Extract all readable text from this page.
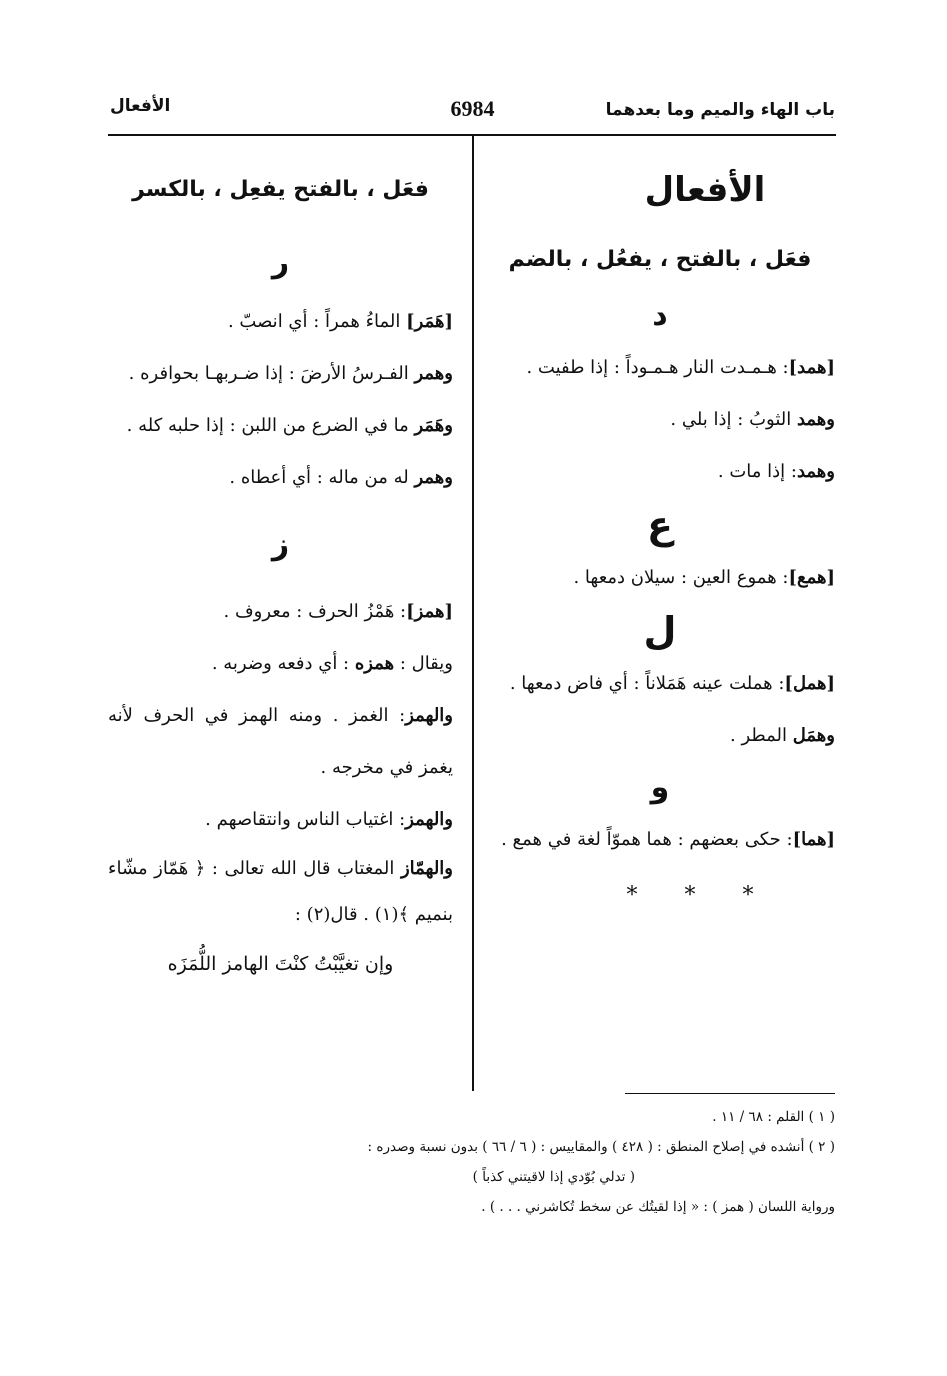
باب الهاء والميم وما بعدهما
6984
الأفعال
الأفعال
فعَل ، بالفتح ، يفعُل ، بالضم
د

[همد]: هـمـدت النار هـمـوداً : إذا طفيت .

وهمد الثوبُ : إذا بلي .

وهمد: إذا مات .

ع

[همع]: هموع العين : سيلان دمعها .

ل

[همل]: هملت عينه هَمَلاناً : أي فاض دمعها .

وهمَل المطر .

و

[هما]: حكى بعضهم : هما هموّاً لغة في همع .

* * *
فعَل ، بالفتح يفعِل ، بالكسر
ر

[هَمَر] الماءُ همراً : أي انصبّ .

وهمر الفـرسُ الأرضَ : إذا ضـربهـا بحوافره .

وهَمَر ما في الضرع من اللبن : إذا حلبه كله .

وهمر له من ماله : أي أعطاه .

ز

[همز]: هَمْزُ الحرف : معروف .

ويقال : همزه : أي دفعه وضربه .

والهمز: الغمز . ومنه الهمز في الحرف لأنه يغمز في مخرجه .

والهمز: اغتياب الناس وانتقاصهم .

والهمّاز المغتاب قال الله تعالى : ﴿ هَمّاز مشّاء بنميم ﴾(١) . قال(٢) :

وإن تغيَّبْتُ كنْتَ الهامز اللُّمَزَه

( ١ ) القلم : ٦٨ / ١١ .

( ٢ ) أنشده في إصلاح المنطق : ( ٤٢٨ ) والمقاييس : ( ٦ / ٦٦ ) بدون نسبة وصدره :

( تدلي بُوّدي إذا لاقيتني كذباً )

ورواية اللسان ( همز ) : « إذا لقيتُك عن سخط تُكاشرني . . . ) .
